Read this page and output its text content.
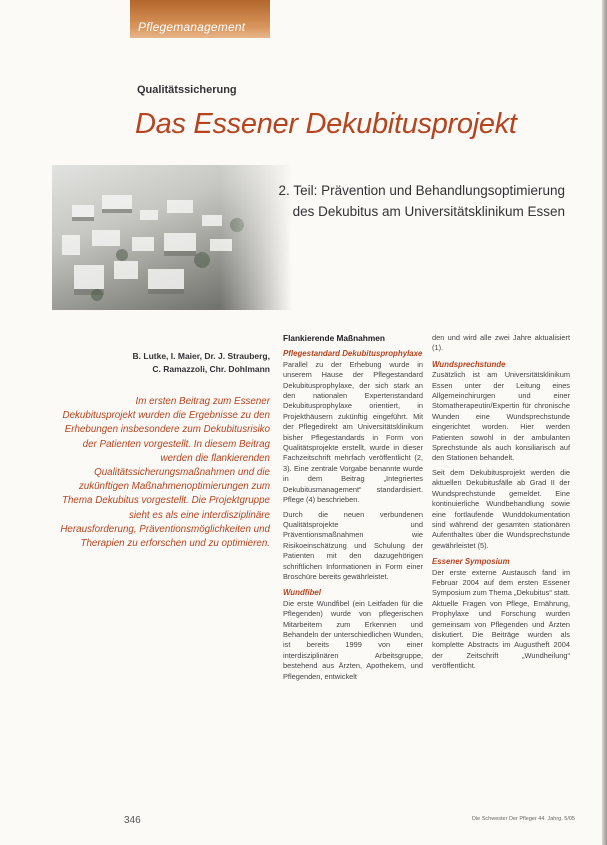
Pflegemanagement
Qualitätssicherung
Das Essener Dekubitusprojekt
2. Teil: Prävention und Behandlungsoptimierung des Dekubitus am Universitätsklinikum Essen
B. Lutke, I. Maier, Dr. J. Strauberg,
C. Ramazzoli, Chr. Dohlmann
Im ersten Beitrag zum Essener Dekubitusprojekt wurden die Ergebnisse zu den Erhebungen insbesondere zum Dekubitusrisiko der Patienten vorgestellt. In diesem Beitrag werden die flankierenden Qualitätssicherungsmaßnahmen und die zukünftigen Maßnahmenoptimierungen zum Thema Dekubitus vorgestellt. Die Projektgruppe sieht es als eine interdisziplinäre Herausforderung, Präventionsmöglichkeiten und Therapien zu erforschen und zu optimieren.
Flankierende Maßnahmen
Pflegestandard Dekubitusprophylaxe

Parallel zu der Erhebung wurde in unserem Hause der Pflegestandard Dekubitusprophylaxe, der sich stark an den nationalen Expertenstandard Dekubitusprophylaxe orientiert, in Projekthäusern zukünftig eingeführt. Mit der Pflegedirekt am Universitätsklinikum bisher Pflegestandards in Form von Qualitätsprojekte erstellt, wurde in dieser Fachzeitschrift mehrfach veröffentlicht (2, 3). Eine zentrale Vorgabe benannte wurde in dem Beitrag „Integriertes Dekubitusmanagement“ standardisiert. Pflege (4) beschrieben.

Durch die neuen verbundenen Qualitätsprojekte und Präventionsmaßnahmen wie Risikoeinschätzung und Schulung der Patienten mit den dazugehörigen schriftlichen Informationen in Form einer Broschüre bereits gewährleistet.

Wundfibel

Die erste Wundfibel (ein Leitfaden für die Pflegenden) wurde von pflegerischen Mitarbeitern zum Erkennen und Behandeln der unterschiedlichen Wunden, ist bereits 1999 von einer interdisziplinären Arbeitsgruppe, bestehend aus Ärzten, Apothekern, und Pflegenden, entwickelt

den und wird alle zwei Jahre aktualisiert (1).

Wundsprechstunde

Zusätzlich ist am Universitätsklinikum Essen unter der Leitung eines Allgemeinchirurgen und einer Stomatherapeutin/Expertin für chronische Wunden eine Wundsprechstunde eingerichtet worden. Hier werden Patienten sowohl in der ambulanten Sprechstunde als auch konsiliarisch auf den Stationen behandelt.

Seit dem Dekubitusprojekt werden die aktuellen Dekubitusfälle ab Grad II der Wundsprechstunde gemeldet. Eine kontinuierliche Wundbehandlung sowie eine fortlaufende Wunddokumentation sind während der gesamten stationären Aufenthaltes über die Wundsprechstunde gewährleistet (5).

Essener Symposium

Der erste externe Austausch fand im Februar 2004 auf dem ersten Essener Symposium zum Thema „Dekubitus“ statt. Aktuelle Fragen von Pflege, Ernährung, Prophylaxe und Forschung wurden gemeinsam von Pflegenden und Ärzten diskutiert. Die Beiträge wurden als komplette Abstracts im Augustheft 2004 der Zeitschrift „Wundheilung“ veröffentlicht.

346	Die Schwester Der Pfleger 44. Jahrg. 5/05
